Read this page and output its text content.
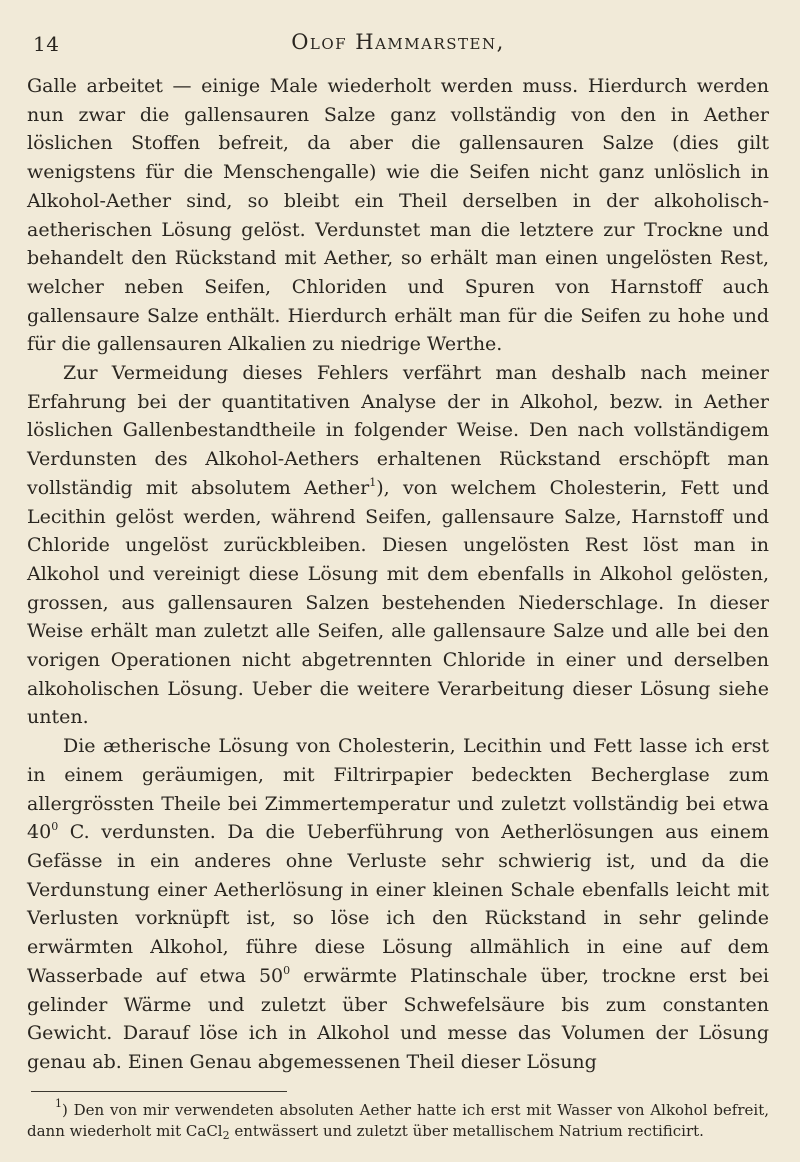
14	Olof Hammarsten,

Galle arbeitet — einige Male wiederholt werden muss. Hierdurch werden nun zwar die gallensauren Salze ganz vollständig von den in Aether löslichen Stoffen befreit, da aber die gallensauren Salze (dies gilt wenigstens für die Menschengalle) wie die Seifen nicht ganz unlöslich in Alkohol-Aether sind, so bleibt ein Theil derselben in der alkoholisch-aetherischen Lösung gelöst. Verdunstet man die letztere zur Trockne und behandelt den Rückstand mit Aether, so erhält man einen ungelösten Rest, welcher neben Seifen, Chloriden und Spuren von Harnstoff auch gallensaure Salze enthält. Hierdurch erhält man für die Seifen zu hohe und für die gallensauren Alkalien zu niedrige Werthe.

Zur Vermeidung dieses Fehlers verfährt man deshalb nach meiner Erfahrung bei der quantitativen Analyse der in Alkohol, bezw. in Aether löslichen Gallenbestandtheile in folgender Weise. Den nach vollständigem Verdunsten des Alkohol-Aethers erhaltenen Rückstand erschöpft man vollständig mit absolutem Aether$^1$), von welchem Cholesterin, Fett und Lecithin gelöst werden, während Seifen, gallensaure Salze, Harnstoff und Chloride ungelöst zurückbleiben. Diesen ungelösten Rest löst man in Alkohol und vereinigt diese Lösung mit dem ebenfalls in Alkohol gelösten, grossen, aus gallensauren Salzen bestehenden Niederschlage. In dieser Weise erhält man zuletzt alle Seifen, alle gallensaure Salze und alle bei den vorigen Operationen nicht abgetrennten Chloride in einer und derselben alkoholischen Lösung. Ueber die weitere Verarbeitung dieser Lösung siehe unten.

Die ætherische Lösung von Cholesterin, Lecithin und Fett lasse ich erst in einem geräumigen, mit Filtrirpapier bedeckten Becherglase zum allergrössten Theile bei Zimmertemperatur und zuletzt vollständig bei etwa $40^0$ C. verdunsten. Da die Ueberführung von Aetherlösungen aus einem Gefässe in ein anderes ohne Verluste sehr schwierig ist, und da die Verdunstung einer Aetherlösung in einer kleinen Schale ebenfalls leicht mit Verlusten vorknüpft ist, so löse ich den Rückstand in sehr gelinde erwärmten Alkohol, führe diese Lösung allmählich in eine auf dem Wasserbade auf etwa $50^0$ erwärmte Platinschale über, trockne erst bei gelinder Wärme und zuletzt über Schwefelsäure bis zum constanten Gewicht. Darauf löse ich in Alkohol und messe das Volumen der Lösung genau ab. Einen Genau abgemessenen Theil dieser Lösung

$^1$) Den von mir verwendeten absoluten Aether hatte ich erst mit Wasser von Alkohol befreit, dann wiederholt mit CaCl$_2$ entwässert und zuletzt über metallischem Natrium rectificirt.
